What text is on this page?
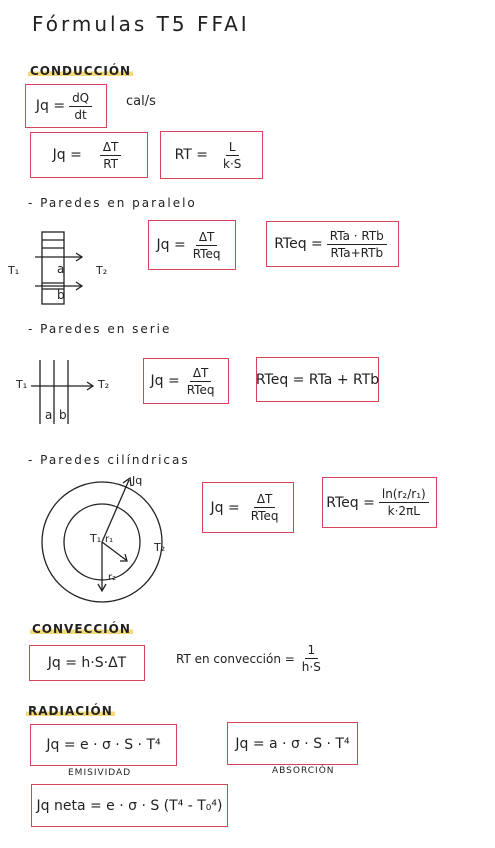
Fórmulas T5 FFAI
CONDUCCIÓN
$Jq = \frac{dQ}{dt}$	cal/s
$Jq = \frac{\Delta T}{RT}$	RT = $\frac{L}{k\cdot S}$
- Paredes en paralelo
T₁	T₂
a
b
$Jq = \frac{\Delta T}{\text{RTeq}}$	RTeq = $\frac{\text{RTa · RTb}}{\text{RTa+RTb}}$
- Paredes en serie
T₁	T₂
a b
$Jq = \frac{\Delta T}{\text{RTeq}}$	RTeq = RTa + RTb
- Paredes cilíndricas
Jq
T₁
T₂
r₁
r₂
$Jq = \frac{\Delta T}{\text{RTeq}}$	RTeq = $\frac{\text{ln(r₂/r₁)}}{k\cdot 2\pi L}$
CONVECCIÓN
Jq = h·S·ΔT	RT en convección = $\frac{1}{h\cdot S}$
RADIACIÓN
Jq = e · σ · S · T⁴
EMISIVIDAD
Jq = a · σ · S · T⁴
ABSORCIÓN
Jq neta = e · σ · S (T⁴ - T₀⁴)
